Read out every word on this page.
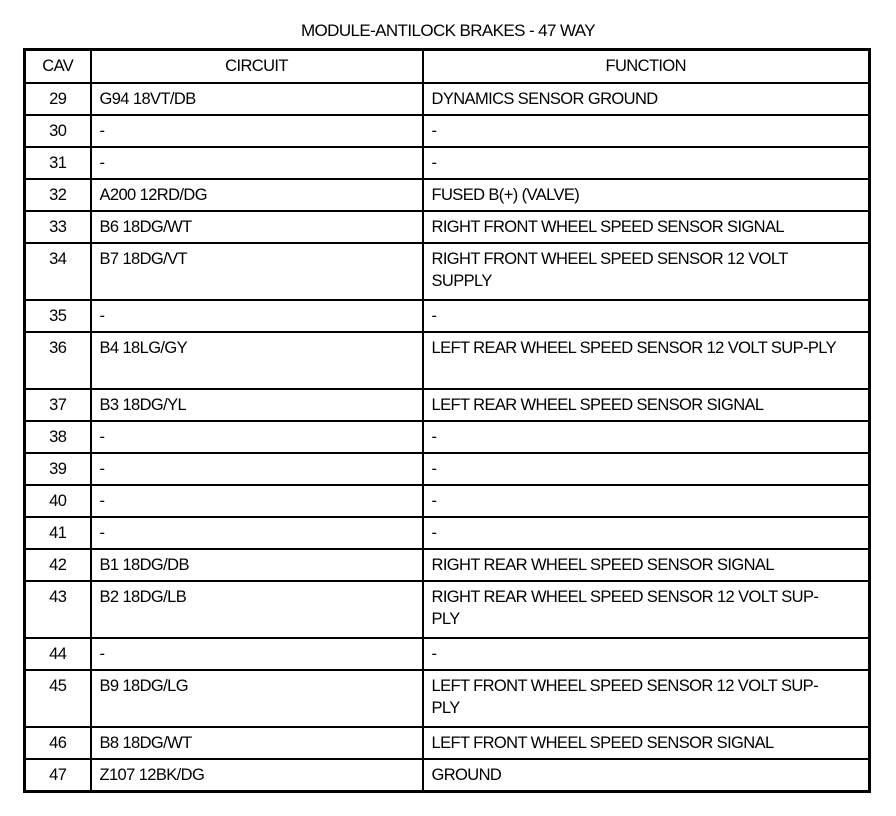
MODULE-ANTILOCK BRAKES - 47 WAY
CAV	CIRCUIT	FUNCTION
29	G94 18VT/DB	DYNAMICS SENSOR GROUND
30	-	-
31	-	-
32	A200 12RD/DG	FUSED B(+) (VALVE)
33	B6 18DG/WT	RIGHT FRONT WHEEL SPEED SENSOR SIGNAL
34	B7 18DG/VT	RIGHT FRONT WHEEL SPEED SENSOR 12 VOLT SUPPLY
35	-	-
36	B4 18LG/GY	LEFT REAR WHEEL SPEED SENSOR 12 VOLT SUP-PLY
37	B3 18DG/YL	LEFT REAR WHEEL SPEED SENSOR SIGNAL
38	-	-
39	-	-
40	-	-
41	-	-
42	B1 18DG/DB	RIGHT REAR WHEEL SPEED SENSOR SIGNAL
43	B2 18DG/LB	RIGHT REAR WHEEL SPEED SENSOR 12 VOLT SUP-PLY
44	-	-
45	B9 18DG/LG	LEFT FRONT WHEEL SPEED SENSOR 12 VOLT SUP-PLY
46	B8 18DG/WT	LEFT FRONT WHEEL SPEED SENSOR SIGNAL
47	Z107 12BK/DG	GROUND
